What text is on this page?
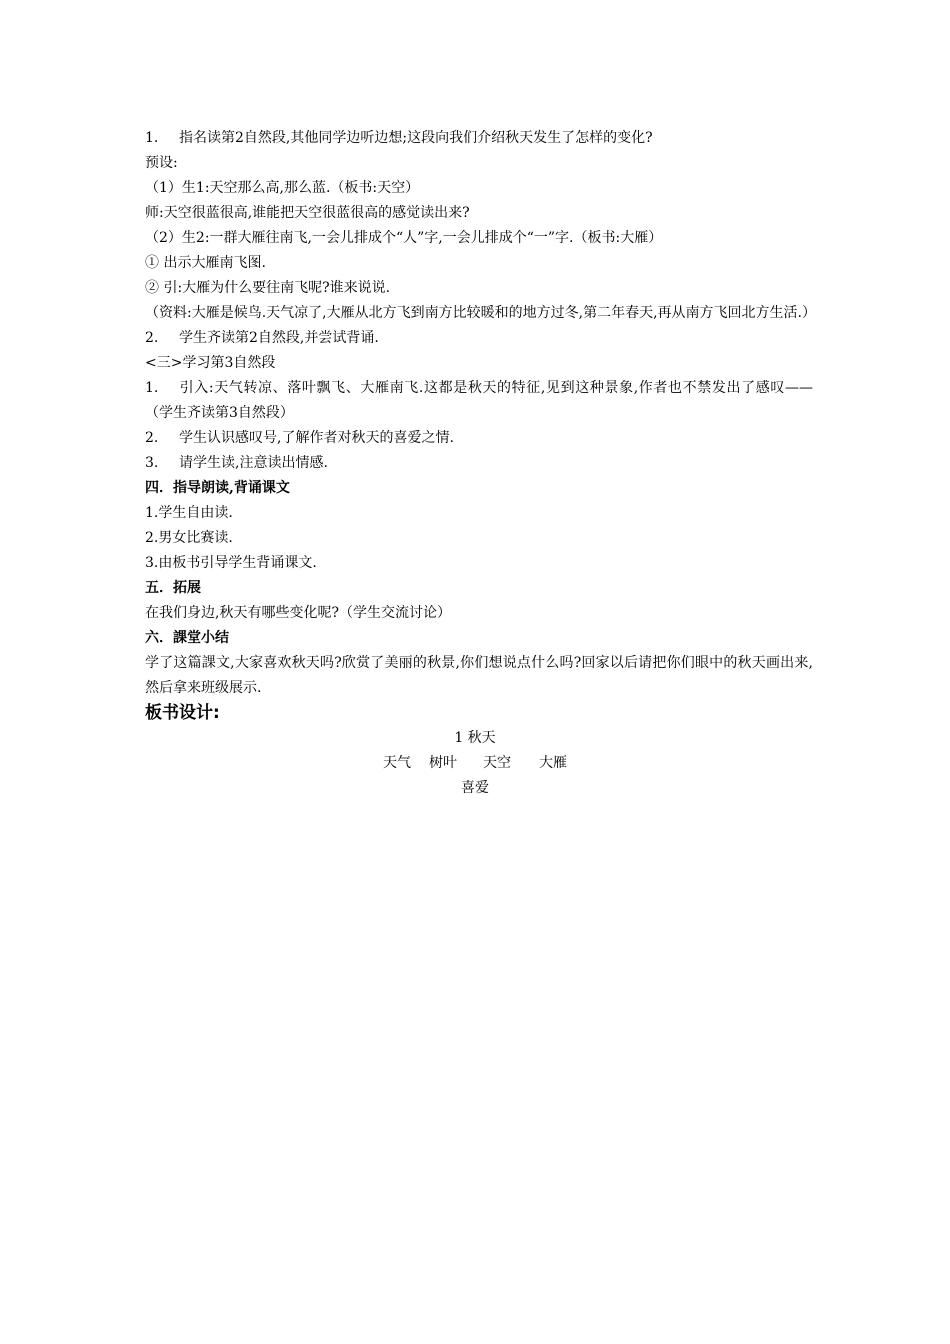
1. 指名读第2自然段,其他同学边听边想;这段向我们介绍秋天发生了怎样的变化?
预设:
（1）生1:天空那么高,那么蓝.（板书:天空）
师:天空很蓝很高,谁能把天空很蓝很高的感觉读出来?
（2）生2:一群大雁往南飞,一会儿排成个“人”字,一会儿排成个“一”字.（板书:大雁）
① 出示大雁南飞图.
② 引:大雁为什么要往南飞呢?谁来说说.
（资料:大雁是候鸟.天气凉了,大雁从北方飞到南方比较暖和的地方过冬,第二年春天,再从南方飞回北方生活.）
2. 学生齐读第2自然段,并尝试背诵.
<三>学习第3自然段
1. 引入:天气转凉、落叶飘飞、大雁南飞.这都是秋天的特征,见到这种景象,作者也不禁发出了感叹——（学生齐读第3自然段）
2. 学生认识感叹号,了解作者对秋天的喜爱之情.
3. 请学生读,注意读出情感.
四．指导朗读,背诵课文
1.学生自由读.
2.男女比赛读.
3.由板书引导学生背诵课文.
五．拓展
在我们身边,秋天有哪些变化呢?（学生交流讨论）
六．課堂小结
学了这篇課文,大家喜欢秋天吗?欣赏了美丽的秋景,你们想说点什么吗?回家以后请把你们眼中的秋天画出来,然后拿来班级展示.
板书设计:
1 秋天
天气 树叶 天空 大雁
喜爱
